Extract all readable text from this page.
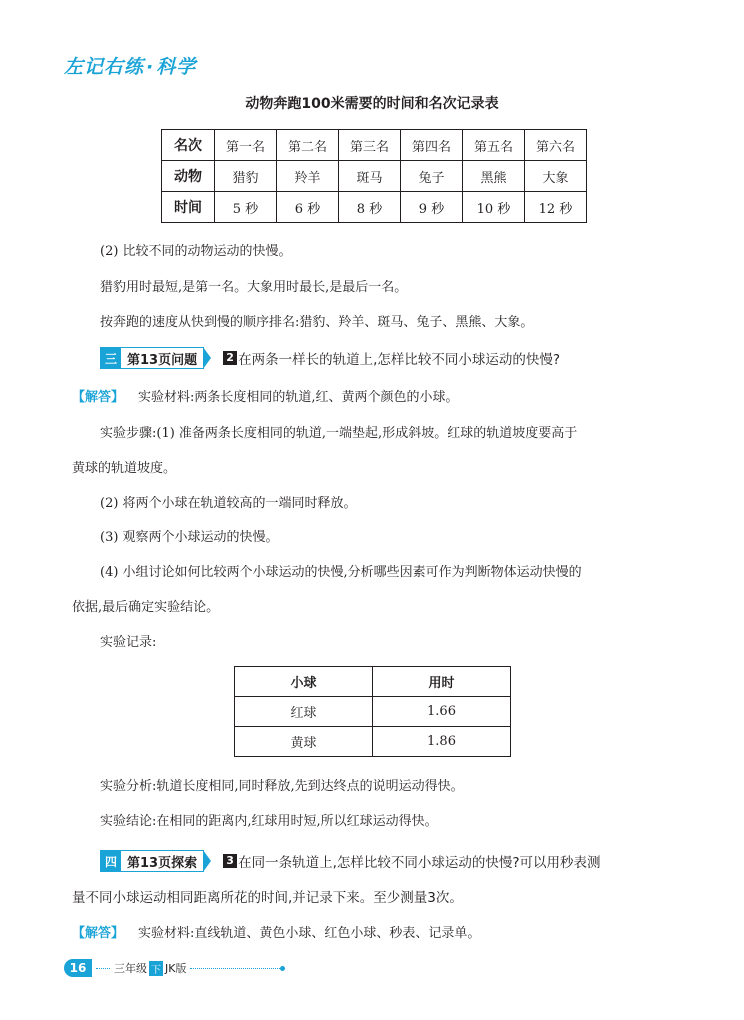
左记右练 · 科学
动物奔跑100米需要的时间和名次记录表
名次	第一名	第二名	第三名	第四名	第五名	第六名
动物	猎豹	羚羊	斑马	兔子	黑熊	大象
时间	5 秒	6 秒	8 秒	9 秒	10 秒	12 秒
(2) 比较不同的动物运动的快慢。
猎豹用时最短,是第一名。大象用时最长,是最后一名。
按奔跑的速度从快到慢的顺序排名:猎豹、羚羊、斑马、兔子、黑熊、大象。
三 第13页问题	2 在两条一样长的轨道上,怎样比较不同小球运动的快慢?
【解答】 实验材料:两条长度相同的轨道,红、黄两个颜色的小球。
实验步骤:(1) 准备两条长度相同的轨道,一端垫起,形成斜坡。红球的轨道坡度要高于
黄球的轨道坡度。
(2) 将两个小球在轨道较高的一端同时释放。
(3) 观察两个小球运动的快慢。
(4) 小组讨论如何比较两个小球运动的快慢,分析哪些因素可作为判断物体运动快慢的
依据,最后确定实验结论。
实验记录:
小球	用时
红球	1.66
黄球	1.86
实验分析:轨道长度相同,同时释放,先到达终点的说明运动得快。
实验结论:在相同的距离内,红球用时短,所以红球运动得快。
四 第13页探索	3 在同一条轨道上,怎样比较不同小球运动的快慢?可以用秒表测
量不同小球运动相同距离所花的时间,并记录下来。至少测量3次。
【解答】 实验材料:直线轨道、黄色小球、红色小球、秒表、记录单。
16	三年级 下 JK版
